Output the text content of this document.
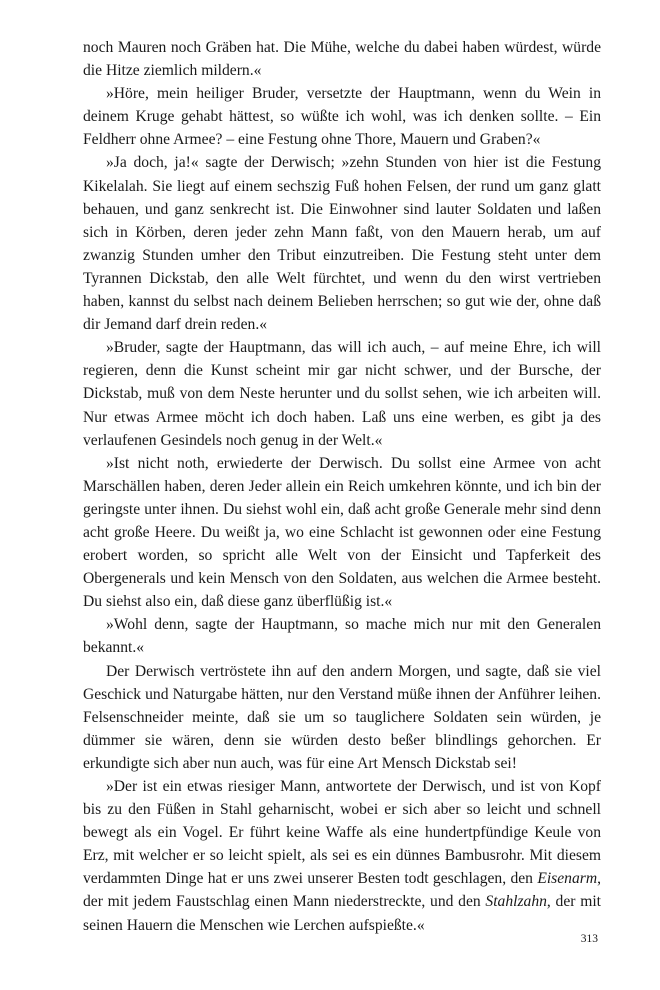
noch Mauren noch Gräben hat. Die Mühe, welche du dabei haben würdest, würde die Hitze ziemlich mildern.«

»Höre, mein heiliger Bruder, versetzte der Hauptmann, wenn du Wein in deinem Kruge gehabt hättest, so wüßte ich wohl, was ich denken sollte. – Ein Feldherr ohne Armee? – eine Festung ohne Thore, Mauern und Graben?«

»Ja doch, ja!« sagte der Derwisch; »zehn Stunden von hier ist die Festung Kikelalah. Sie liegt auf einem sechszig Fuß hohen Felsen, der rund um ganz glatt behauen, und ganz senkrecht ist. Die Einwohner sind lauter Soldaten und laßen sich in Körben, deren jeder zehn Mann faßt, von den Mauern herab, um auf zwanzig Stunden umher den Tribut einzutreiben. Die Festung steht unter dem Tyrannen Dickstab, den alle Welt fürchtet, und wenn du den wirst vertrieben haben, kannst du selbst nach deinem Belieben herrschen; so gut wie der, ohne daß dir Jemand darf drein reden.«

»Bruder, sagte der Hauptmann, das will ich auch, – auf meine Ehre, ich will regieren, denn die Kunst scheint mir gar nicht schwer, und der Bursche, der Dickstab, muß von dem Neste herunter und du sollst sehen, wie ich arbeiten will. Nur etwas Armee möcht ich doch haben. Laß uns eine werben, es gibt ja des verlaufenen Gesindels noch genug in der Welt.«

»Ist nicht noth, erwiederte der Derwisch. Du sollst eine Armee von acht Marschällen haben, deren Jeder allein ein Reich umkehren könnte, und ich bin der geringste unter ihnen. Du siehst wohl ein, daß acht große Generale mehr sind denn acht große Heere. Du weißt ja, wo eine Schlacht ist gewonnen oder eine Festung erobert worden, so spricht alle Welt von der Einsicht und Tapferkeit des Obergenerals und kein Mensch von den Soldaten, aus welchen die Armee besteht. Du siehst also ein, daß diese ganz überflüßig ist.«

»Wohl denn, sagte der Hauptmann, so mache mich nur mit den Generalen bekannt.«

Der Derwisch vertröstete ihn auf den andern Morgen, und sagte, daß sie viel Geschick und Naturgabe hätten, nur den Verstand müße ihnen der Anführer leihen. Felsenschneider meinte, daß sie um so tauglichere Soldaten sein würden, je dümmer sie wären, denn sie würden desto beßer blindlings gehorchen. Er erkundigte sich aber nun auch, was für eine Art Mensch Dickstab sei!

»Der ist ein etwas riesiger Mann, antwortete der Derwisch, und ist von Kopf bis zu den Füßen in Stahl geharnischt, wobei er sich aber so leicht und schnell bewegt als ein Vogel. Er führt keine Waffe als eine hundertpfündige Keule von Erz, mit welcher er so leicht spielt, als sei es ein dünnes Bambusrohr. Mit diesem verdammten Dinge hat er uns zwei unserer Besten todt geschlagen, den Eisenarm, der mit jedem Faustschlag einen Mann niederstreckte, und den Stahlzahn, der mit seinen Hauern die Menschen wie Lerchen aufspießte.«

313
